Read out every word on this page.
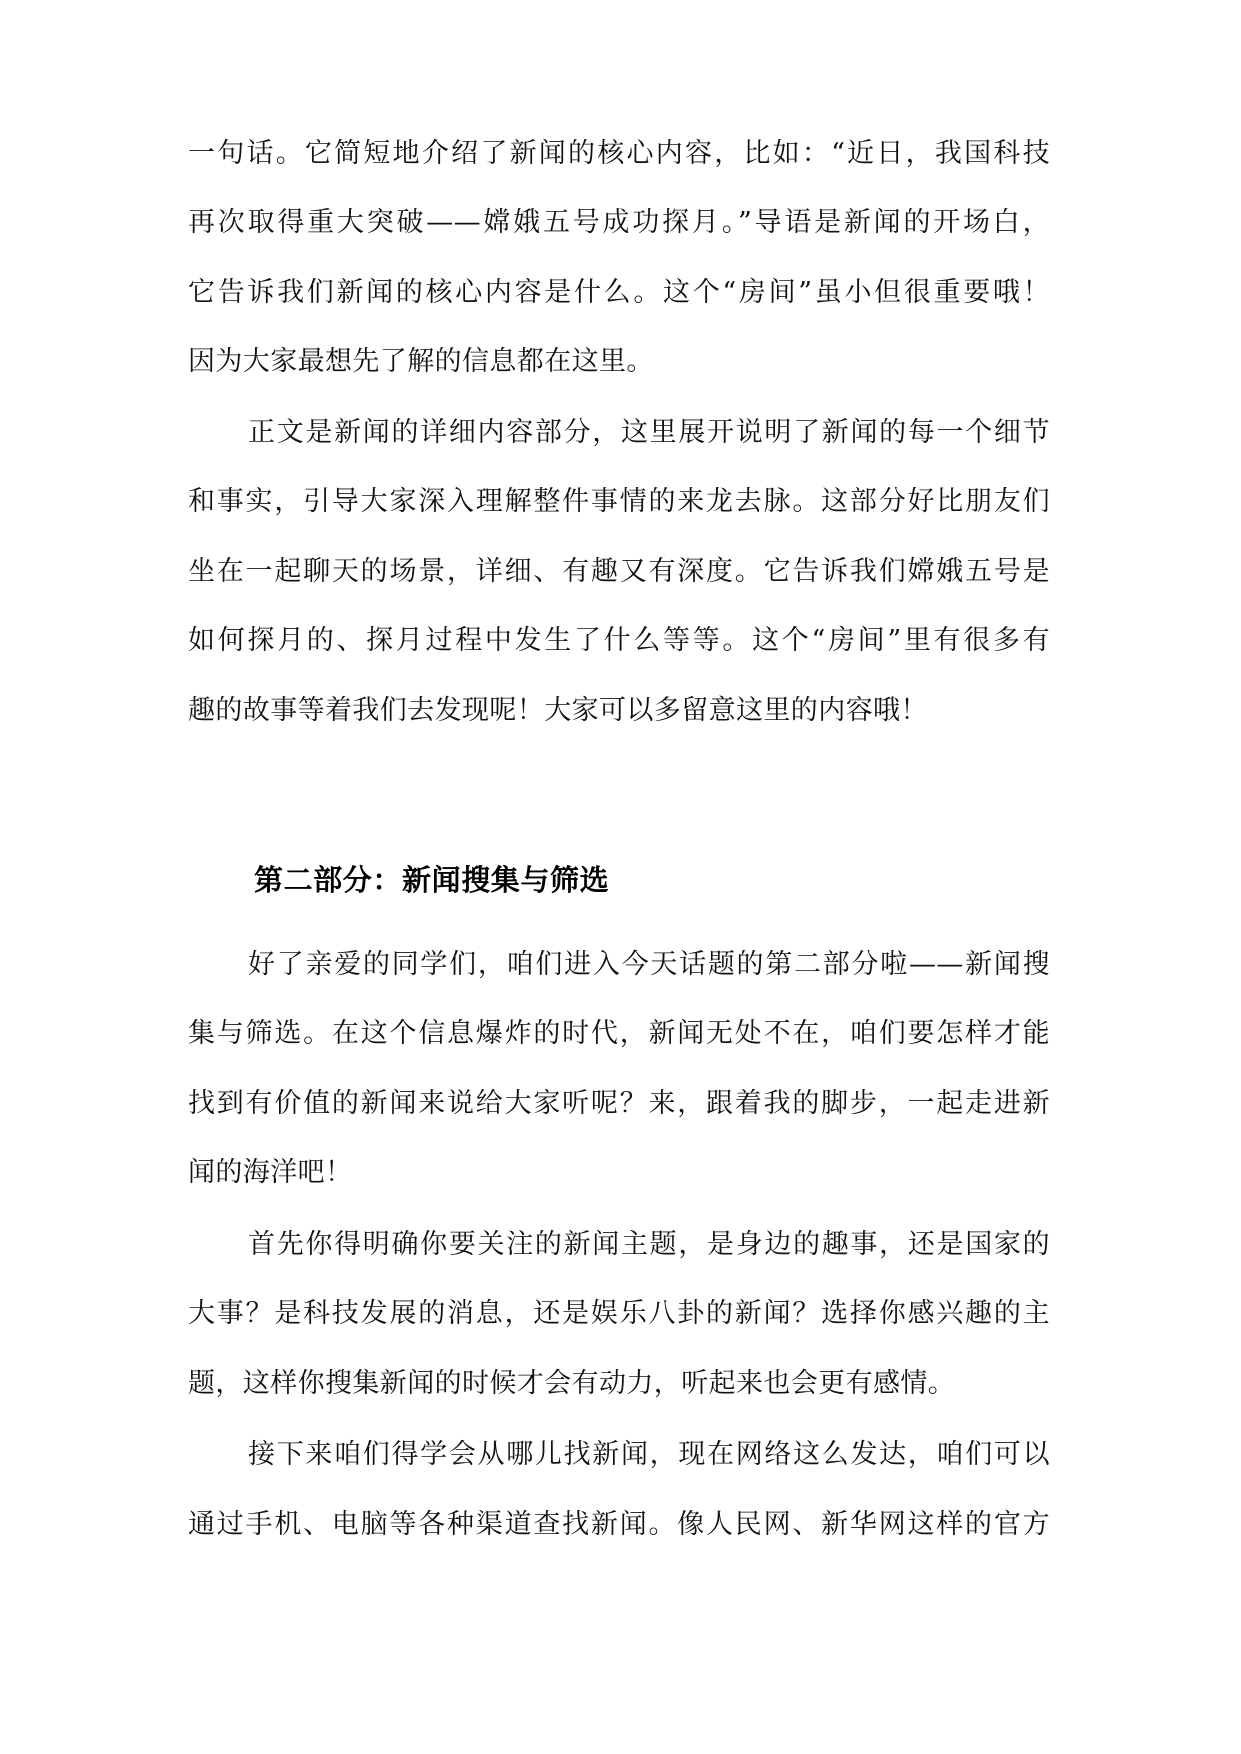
一句话。它简短地介绍了新闻的核心内容，比如：“近日，我国科技

再次取得重大突破——嫦娥五号成功探月。”导语是新闻的开场白，

它告诉我们新闻的核心内容是什么。这个“房间”虽小但很重要哦！

因为大家最想先了解的信息都在这里。

正文是新闻的详细内容部分，这里展开说明了新闻的每一个细节

和事实，引导大家深入理解整件事情的来龙去脉。这部分好比朋友们

坐在一起聊天的场景，详细、有趣又有深度。它告诉我们嫦娥五号是

如何探月的、探月过程中发生了什么等等。这个“房间”里有很多有

趣的故事等着我们去发现呢！大家可以多留意这里的内容哦！

第二部分：新闻搜集与筛选

好了亲爱的同学们，咱们进入今天话题的第二部分啦——新闻搜

集与筛选。在这个信息爆炸的时代，新闻无处不在，咱们要怎样才能

找到有价值的新闻来说给大家听呢？来，跟着我的脚步，一起走进新

闻的海洋吧！

首先你得明确你要关注的新闻主题，是身边的趣事，还是国家的

大事？是科技发展的消息，还是娱乐八卦的新闻？选择你感兴趣的主

题，这样你搜集新闻的时候才会有动力，听起来也会更有感情。

接下来咱们得学会从哪儿找新闻，现在网络这么发达，咱们可以

通过手机、电脑等各种渠道查找新闻。像人民网、新华网这样的官方
